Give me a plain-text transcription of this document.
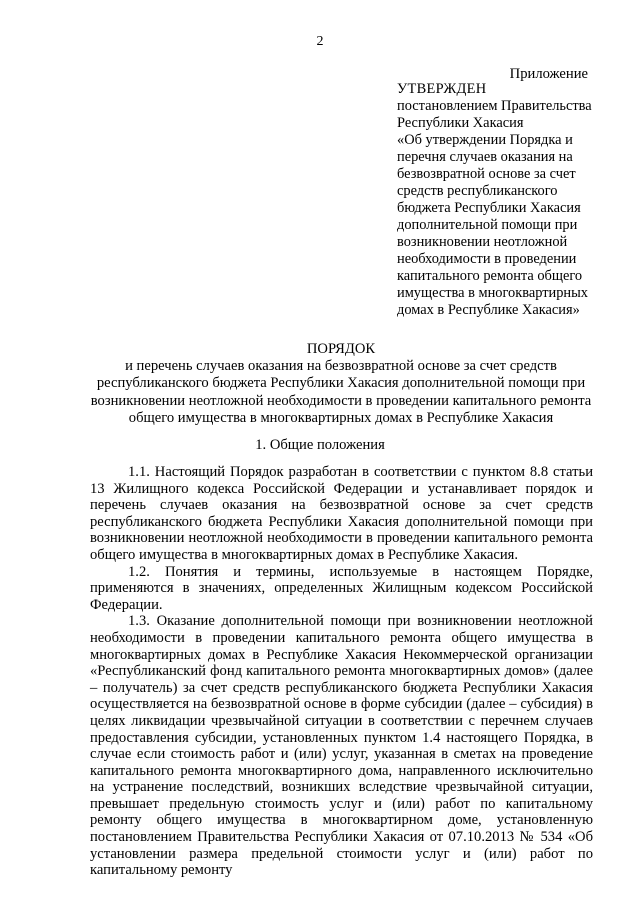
2
Приложение
УТВЕРЖДЕН
постановлением Правительства
Республики Хакасия
«Об утверждении Порядка и
перечня случаев оказания на
безвозвратной основе за счет
средств республиканского
бюджета Республики Хакасия
дополнительной помощи при
возникновении неотложной
необходимости в проведении
капитального ремонта общего
имущества в многоквартирных
домах в Республике Хакасия»
ПОРЯДОК
и перечень случаев оказания на безвозвратной основе за счет средств республиканского бюджета Республики Хакасия дополнительной помощи при возникновении неотложной необходимости в проведении капитального ремонта общего имущества в многоквартирных домах в Республике Хакасия
1. Общие положения

1.1. Настоящий Порядок разработан в соответствии с пунктом 8.8 статьи 13 Жилищного кодекса Российской Федерации и устанавливает порядок и перечень случаев оказания на безвозвратной основе за счет средств республиканского бюджета Республики Хакасия дополнительной помощи при возникновении неотложной необходимости в проведении капитального ремонта общего имущества в многоквартирных домах в Республике Хакасия.

1.2. Понятия и термины, используемые в настоящем Порядке, применяются в значениях, определенных Жилищным кодексом Российской Федерации.

1.3. Оказание дополнительной помощи при возникновении неотложной необходимости в проведении капитального ремонта общего имущества в многоквартирных домах в Республике Хакасия Некоммерческой организации «Республиканский фонд капитального ремонта многоквартирных домов» (далее – получатель) за счет средств республиканского бюджета Республики Хакасия осуществляется на безвозвратной основе в форме субсидии (далее – субсидия) в целях ликвидации чрезвычайной ситуации в соответствии с перечнем случаев предоставления субсидии, установленных пунктом 1.4 настоящего Порядка, в случае если стоимость работ и (или) услуг, указанная в сметах на проведение капитального ремонта многоквартирного дома, направленного исключительно на устранение последствий, возникших вследствие чрезвычайной ситуации, превышает предельную стоимость услуг и (или) работ по капитальному ремонту общего имущества в многоквартирном доме, установленную постановлением Правительства Республики Хакасия от 07.10.2013 № 534 «Об установлении размера предельной стоимости услуг и (или) работ по капитальному ремонту
